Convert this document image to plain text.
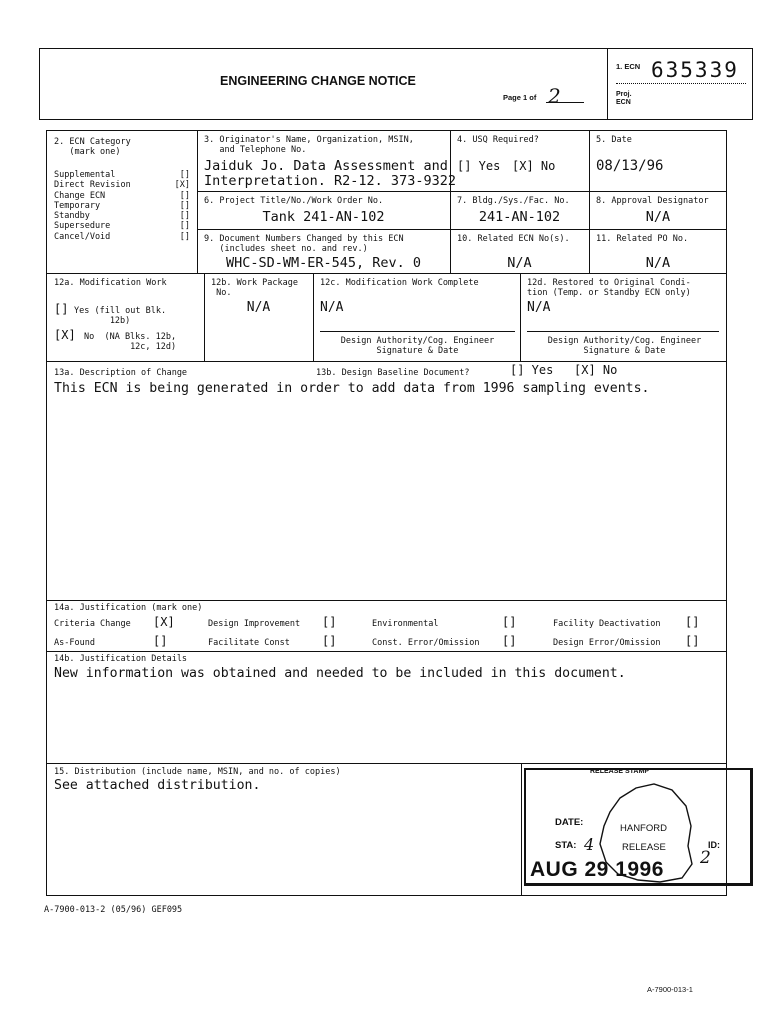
ENGINEERING CHANGE NOTICE
Page 1 of 2
1. ECN 635339
Proj.
ECN
2. ECN Category
(mark one)
Supplemental	[]
Direct Revision	[X]
Change ECN	[]
Temporary	[]
Standby	[]
Supersedure	[]
Cancel/Void	[]
3. Originator's Name, Organization, MSIN,
and Telephone No.
Jaiduk Jo. Data Assessment and
Interpretation. R2-12. 373-9322
4. USQ Required?
[] Yes [X] No
5. Date
08/13/96
6. Project Title/No./Work Order No.
Tank 241-AN-102
7. Bldg./Sys./Fac. No.
241-AN-102
8. Approval Designator
N/A
9. Document Numbers Changed by this ECN
(includes sheet no. and rev.)
WHC-SD-WM-ER-545, Rev. 0
10. Related ECN No(s).
N/A
11. Related PO No.
N/A
12a. Modification Work
[] Yes (fill out Blk.
12b)
[X] No  (NA Blks. 12b,
12c, 12d)
12b. Work Package
No.
N/A
12c. Modification Work Complete
N/A
Design Authority/Cog. Engineer
Signature & Date
12d. Restored to Original Condi-
tion (Temp. or Standby ECN only)
N/A
Design Authority/Cog. Engineer
Signature & Date
13a. Description of Change	13b. Design Baseline Document?	[] Yes [X] No
This ECN is being generated in order to add data from 1996 sampling events.
14a. Justification (mark one)
Criteria Change [X]	Design Improvement []	Environmental	[]	Facility Deactivation []
As-Found	[]	Facilitate Const	[]	Const. Error/Omission []	Design Error/Omission []
14b. Justification Details
New information was obtained and needed to be included in this document.
15. Distribution (include name, MSIN, and no. of copies)
See attached distribution.
RELEASE STAMP
HANFORD
RELEASE
DATE:
STA: 4	ID:
2
AUG 29 1996
A-7900-013-2 (05/96) GEF095
A-7900-013-1
